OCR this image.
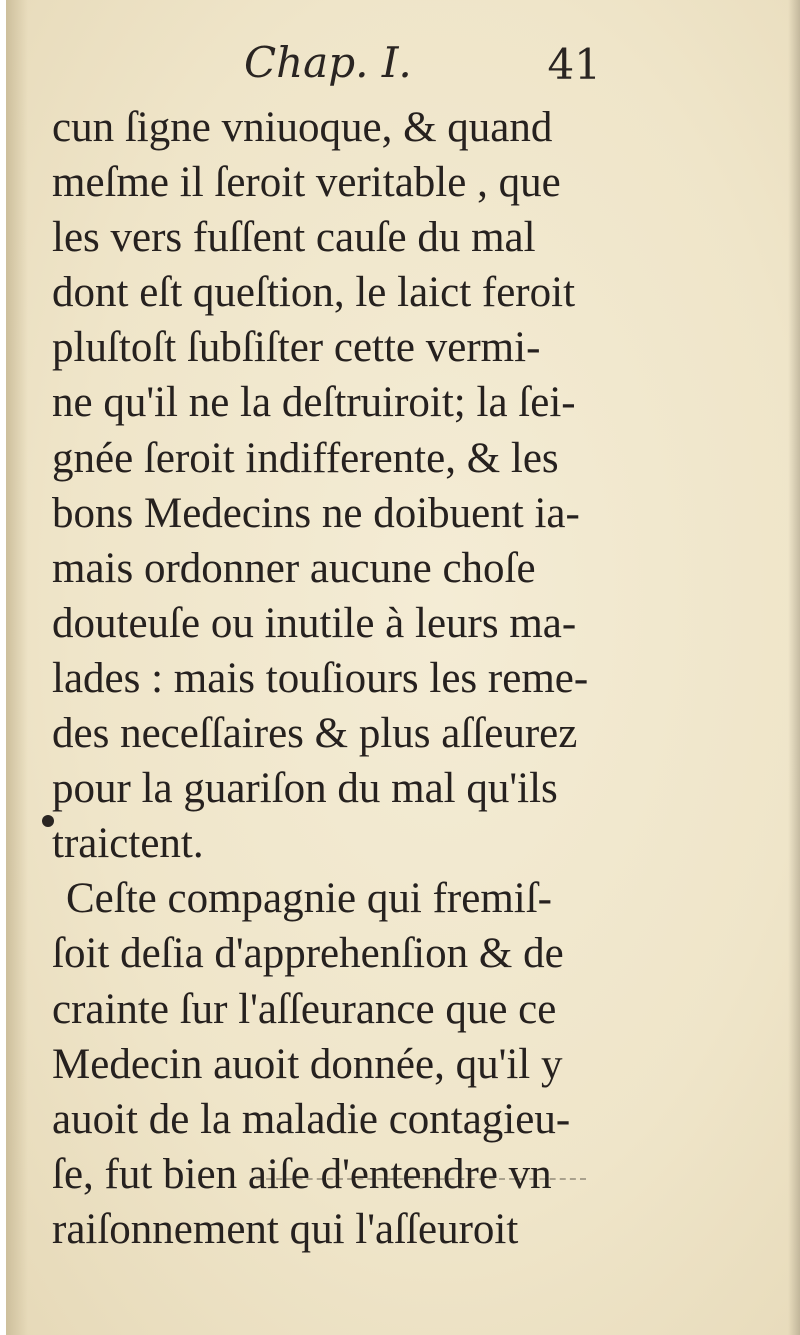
Chap. I.	41
cun ſigne vniuoque, & quand
meſme il ſeroit veritable , que
les vers fuſſent cauſe du mal
dont eſt queſtion, le laict feroit
pluſtoſt ſubſiſter cette vermi-
ne qu'il ne la deſtruiroit; la ſei-
gnée ſeroit indifferente, & les
bons Medecins ne doibuent ia-
mais ordonner aucune choſe
douteuſe ou inutile à leurs ma-
lades : mais touſiours les reme-
des neceſſaires & plus aſſeurez
pour la guariſon du mal qu'ils
traictent.
Ceſte compagnie qui fremiſ-
ſoit deſia d'apprehenſion & de
crainte ſur l'aſſeurance que ce
Medecin auoit donnée, qu'il y
auoit de la maladie contagieu-
ſe, fut bien aiſe d'entendre vn
raiſonnement qui l'aſſeuroit
